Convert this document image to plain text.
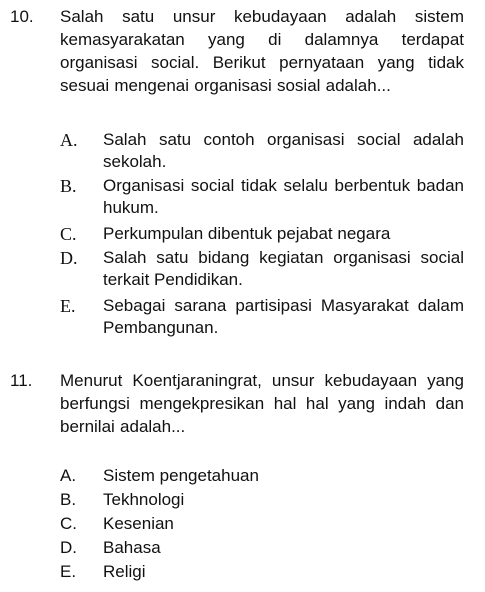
10. Salah satu unsur kebudayaan adalah sistem kemasyarakatan yang di dalamnya terdapat organisasi social. Berikut pernyataan yang tidak sesuai mengenai organisasi sosial adalah...
A. Salah satu contoh organisasi social adalah sekolah.
B. Organisasi social tidak selalu berbentuk badan hukum.
C. Perkumpulan dibentuk pejabat negara
D. Salah satu bidang kegiatan organisasi social terkait Pendidikan.
E. Sebagai sarana partisipasi Masyarakat dalam Pembangunan.
11. Menurut Koentjaraningrat, unsur kebudayaan yang berfungsi mengekpresikan hal hal yang indah dan bernilai adalah...
A. Sistem pengetahuan
B. Tekhnologi
C. Kesenian
D. Bahasa
E. Religi
